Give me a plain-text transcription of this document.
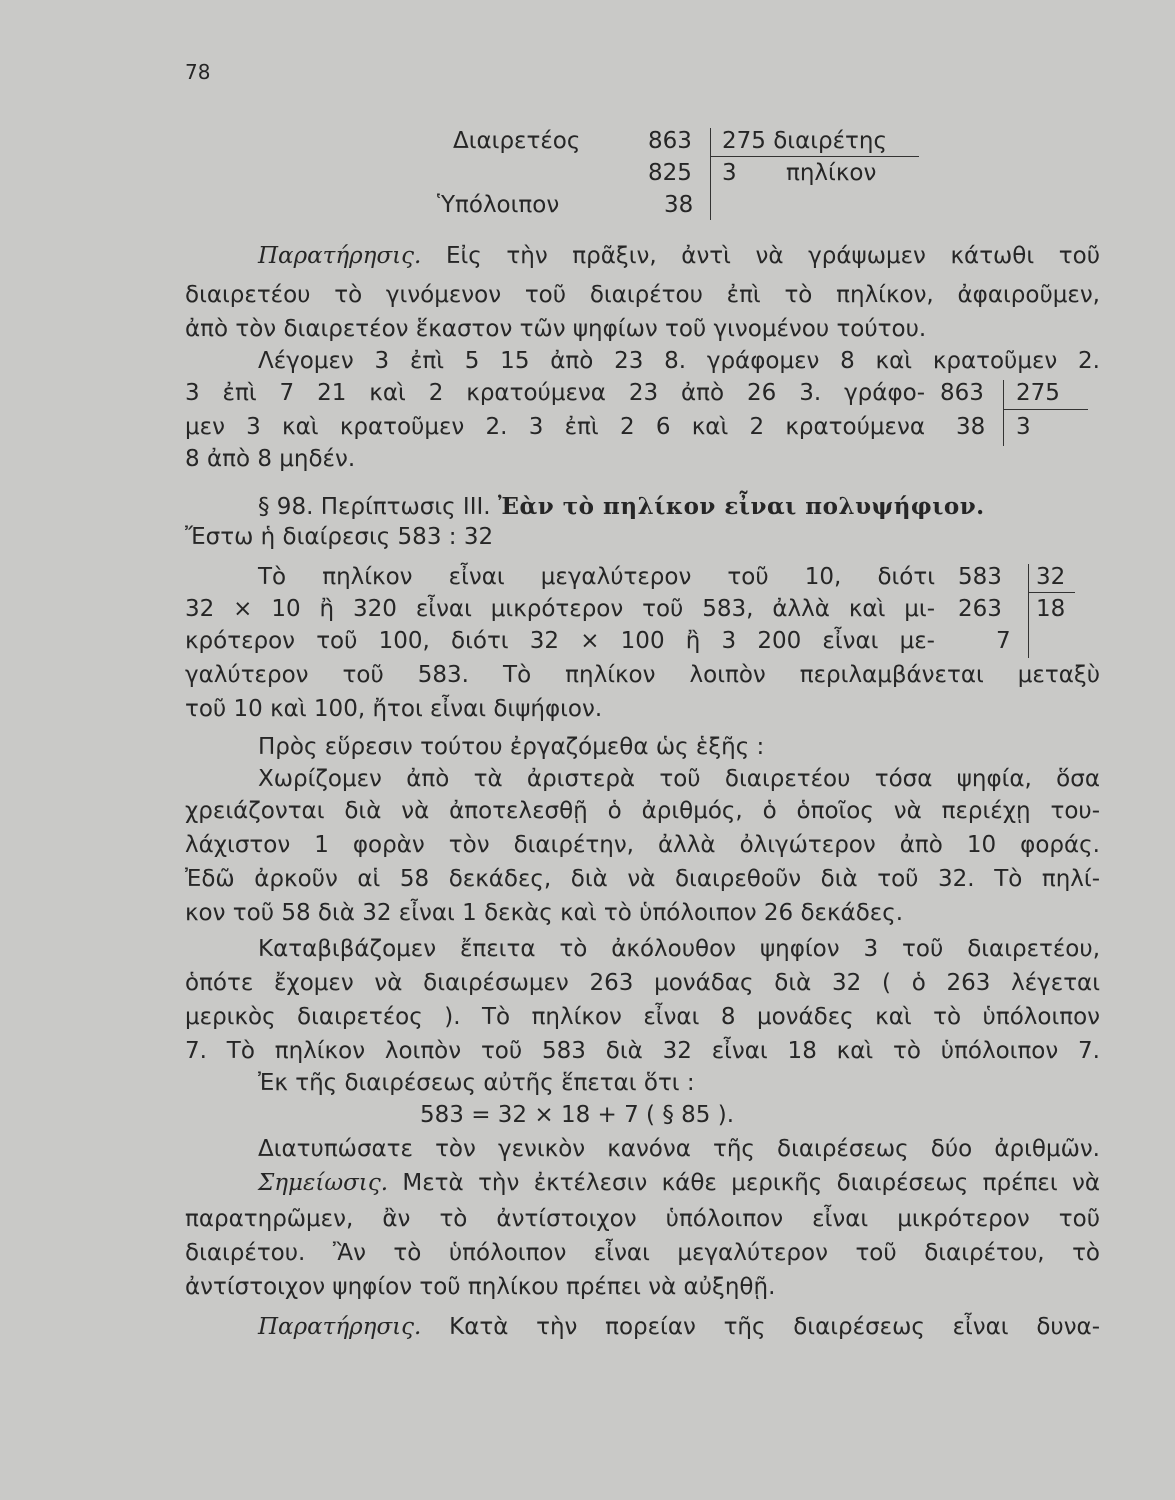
78
Διαιρετέος
Ὑπόλοιπον
863
825
38
275 διαιρέτης
3 πηλίκον
Παρατήρησις. Εἰς τὴν πρᾶξιν, ἀντὶ νὰ γράψωμεν κάτωθι τοῦ
διαιρετέου τὸ γινόμενον τοῦ διαιρέτου ἐπὶ τὸ πηλίκον, ἀφαιροῦμεν,
ἀπὸ τὸν διαιρετέον ἕκαστον τῶν ψηφίων τοῦ γινομένου τούτου.
Λέγομεν 3 ἐπὶ 5 15 ἀπὸ 23 8. γράφομεν 8 καὶ κρατοῦμεν 2.
3 ἐπὶ 7 21 καὶ 2 κρατούμενα 23 ἀπὸ 26 3. γράφο-
μεν 3 καὶ κρατοῦμεν 2. 3 ἐπὶ 2 6 καὶ 2 κρατούμενα
8 ἀπὸ 8 μηδέν.
863
38
275
3
§ 98. Περίπτωσις ΙΙΙ. Ἐὰν τὸ πηλίκον εἶναι πολυψήφιον.
Ἔστω ἡ διαίρεσις 583 : 32
Τὸ πηλίκον εἶναι μεγαλύτερον τοῦ 10, διότι
32 × 10 ἢ 320 εἶναι μικρότερον τοῦ 583, ἀλλὰ καὶ μι-
κρότερον τοῦ 100, διότι 32 × 100 ἢ 3 200 εἶναι με-
γαλύτερον τοῦ 583. Τὸ πηλίκον λοιπὸν περιλαμβάνεται μεταξὺ
τοῦ 10 καὶ 100, ἤτοι εἶναι διψήφιον.
583
263
7
32
18
Πρὸς εὕρεσιν τούτου ἐργαζόμεθα ὡς ἑξῆς :
Χωρίζομεν ἀπὸ τὰ ἀριστερὰ τοῦ διαιρετέου τόσα ψηφία, ὅσα
χρειάζονται διὰ νὰ ἀποτελεσθῇ ὁ ἀριθμός, ὁ ὁποῖος νὰ περιέχῃ του-
λάχιστον 1 φορὰν τὸν διαιρέτην, ἀλλὰ ὀλιγώτερον ἀπὸ 10 φοράς.
Ἐδῶ ἀρκοῦν αἱ 58 δεκάδες, διὰ νὰ διαιρεθοῦν διὰ τοῦ 32. Τὸ πηλί-
κον τοῦ 58 διὰ 32 εἶναι 1 δεκὰς καὶ τὸ ὑπόλοιπον 26 δεκάδες.
Καταβιβάζομεν ἔπειτα τὸ ἀκόλουθον ψηφίον 3 τοῦ διαιρετέου,
ὁπότε ἔχομεν νὰ διαιρέσωμεν 263 μονάδας διὰ 32 ( ὁ 263 λέγεται
μερικὸς διαιρετέος ). Τὸ πηλίκον εἶναι 8 μονάδες καὶ τὸ ὑπόλοιπον
7. Τὸ πηλίκον λοιπὸν τοῦ 583 διὰ 32 εἶναι 18 καὶ τὸ ὑπόλοιπον 7.
Ἐκ τῆς διαιρέσεως αὐτῆς ἕπεται ὅτι :
583 = 32 × 18 + 7 ( § 85 ).
Διατυπώσατε τὸν γενικὸν κανόνα τῆς διαιρέσεως δύο ἀριθμῶν.
Σημείωσις. Μετὰ τὴν ἐκτέλεσιν κάθε μερικῆς διαιρέσεως πρέπει νὰ
παρατηρῶμεν, ἂν τὸ ἀντίστοιχον ὑπόλοιπον εἶναι μικρότερον τοῦ
διαιρέτου. Ἂν τὸ ὑπόλοιπον εἶναι μεγαλύτερον τοῦ διαιρέτου, τὸ
ἀντίστοιχον ψηφίον τοῦ πηλίκου πρέπει νὰ αὐξηθῇ.
Παρατήρησις. Κατὰ τὴν πορείαν τῆς διαιρέσεως εἶναι δυνα-
